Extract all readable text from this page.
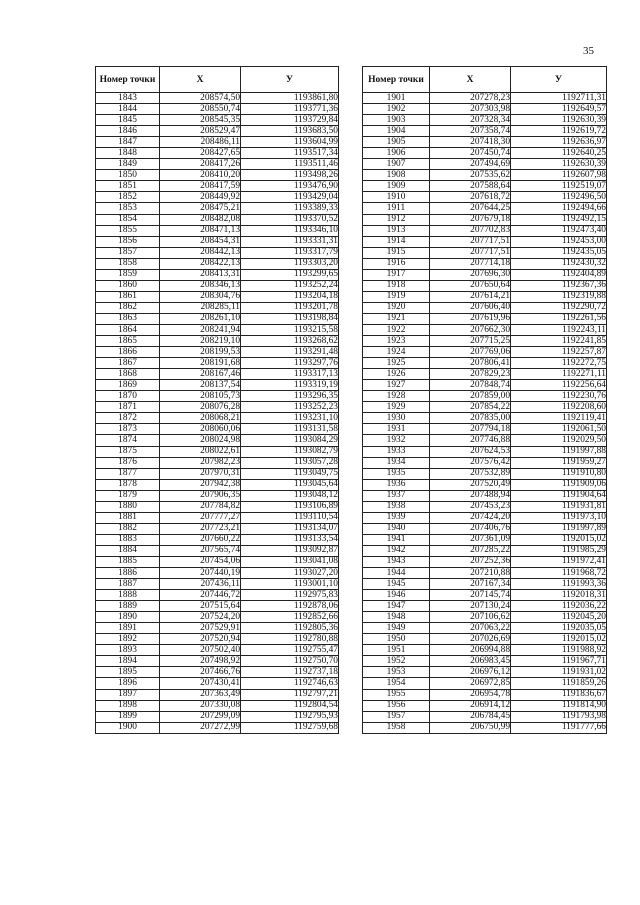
35
Номер точки	Х	У
1843	208574,50	1193861,80
1844	208550,74	1193771,36
1845	208545,35	1193729,84
1846	208529,47	1193683,50
1847	208486,11	1193604,99
1848	208427,65	1193517,34
1849	208417,26	1193511,46
1850	208410,20	1193498,26
1851	208417,59	1193476,90
1852	208449,92	1193429,04
1853	208475,21	1193389,33
1854	208482,08	1193370,52
1855	208471,13	1193346,10
1856	208454,31	1193331,31
1857	208442,13	1193317,79
1858	208422,13	1193303,20
1859	208413,31	1193299,65
1860	208346,13	1193252,24
1861	208304,76	1193204,18
1862	208285,11	1193201,78
1863	208261,10	1193198,84
1864	208241,94	1193215,58
1865	208219,10	1193268,62
1866	208199,53	1193291,48
1867	208191,68	1193297,76
1868	208167,46	1193317,13
1869	208137,54	1193319,19
1870	208105,73	1193296,35
1871	208076,28	1193252,23
1872	208068,21	1193231,10
1873	208060,06	1193131,58
1874	208024,98	1193084,29
1875	208022,61	1193082,79
1876	207982,23	1193057,28
1877	207970,31	1193049,75
1878	207942,38	1193045,64
1879	207906,35	1193048,12
1880	207784,82	1193106,89
1881	207777,27	1193110,54
1882	207723,21	1193134,07
1883	207660,22	1193133,54
1884	207565,74	1193092,87
1885	207454,06	1193041,08
1886	207440,19	1193027,20
1887	207436,11	1193001,10
1888	207446,72	1192975,83
1889	207515,64	1192878,06
1890	207524,20	1192852,66
1891	207529,91	1192805,36
1892	207520,94	1192780,88
1893	207502,40	1192755,47
1894	207498,92	1192750,70
1895	207466,76	1192737,18
1896	207430,41	1192746,63
1897	207363,49	1192797,21
1898	207330,08	1192804,54
1899	207299,09	1192795,93
1900	207272,99	1192759,68
Номер точки	Х	У
1901	207278,23	1192711,31
1902	207303,98	1192649,57
1903	207328,34	1192630,39
1904	207358,74	1192619,72
1905	207418,30	1192636,97
1906	207450,74	1192640,25
1907	207494,69	1192630,39
1908	207535,62	1192607,98
1909	207588,64	1192519,07
1910	207618,72	1192496,50
1911	207644,25	1192494,66
1912	207679,18	1192492,15
1913	207702,83	1192473,40
1914	207717,51	1192453,00
1915	207717,51	1192435,05
1916	207714,18	1192430,32
1917	207696,30	1192404,89
1918	207650,64	1192367,36
1919	207614,21	1192319,88
1920	207606,40	1192290,72
1921	207619,96	1192261,56
1922	207662,30	1192243,11
1923	207715,25	1192241,85
1924	207769,06	1192257,87
1925	207806,41	1192272,75
1926	207829,23	1192271,11
1927	207848,74	1192256,64
1928	207859,00	1192230,76
1929	207854,22	1192208,60
1930	207835,00	1192119,41
1931	207794,18	1192061,50
1932	207746,88	1192029,50
1933	207624,53	1191997,88
1934	207576,42	1191959,27
1935	207532,89	1191910,80
1936	207520,49	1191909,06
1937	207488,94	1191904,64
1938	207453,23	1191931,81
1939	207424,20	1191973,10
1940	207406,76	1191997,89
1941	207361,09	1192015,02
1942	207285,22	1191985,29
1943	207252,36	1191972,41
1944	207210,88	1191968,72
1945	207167,34	1191993,36
1946	207145,74	1192018,31
1947	207130,24	1192036,22
1948	207106,62	1192045,20
1949	207063,22	1192035,05
1950	207026,69	1192015,02
1951	206994,88	1191988,92
1952	206983,45	1191967,71
1953	206976,12	1191931,02
1954	206972,85	1191859,26
1955	206954,78	1191836,67
1956	206914,12	1191814,90
1957	206784,45	1191793,98
1958	206750,99	1191777,66
